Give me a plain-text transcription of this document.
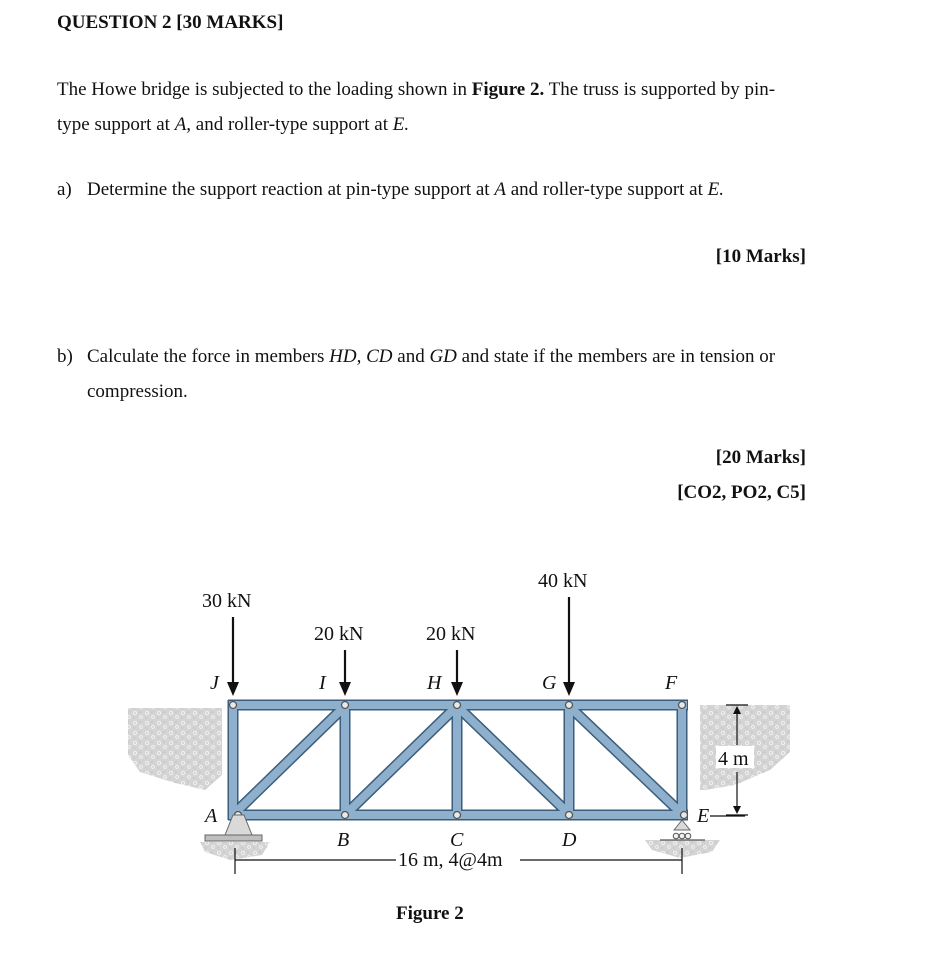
QUESTION 2 [30 MARKS]
The Howe bridge is subjected to the loading shown in Figure 2. The truss is supported by pin-
type support at A, and roller-type support at E.
a) Determine the support reaction at pin-type support at A and roller-type support at E.
[10 Marks]
b) Calculate the force in members HD, CD and GD and state if the members are in tension or
compression.
[20 Marks]
[CO2, PO2, C5]
30 kN
20 kN	20 kN
40 kN
J	I	H	G	F
A
B	C	D
E
16 m, 4@4m
4 m
Figure 2
